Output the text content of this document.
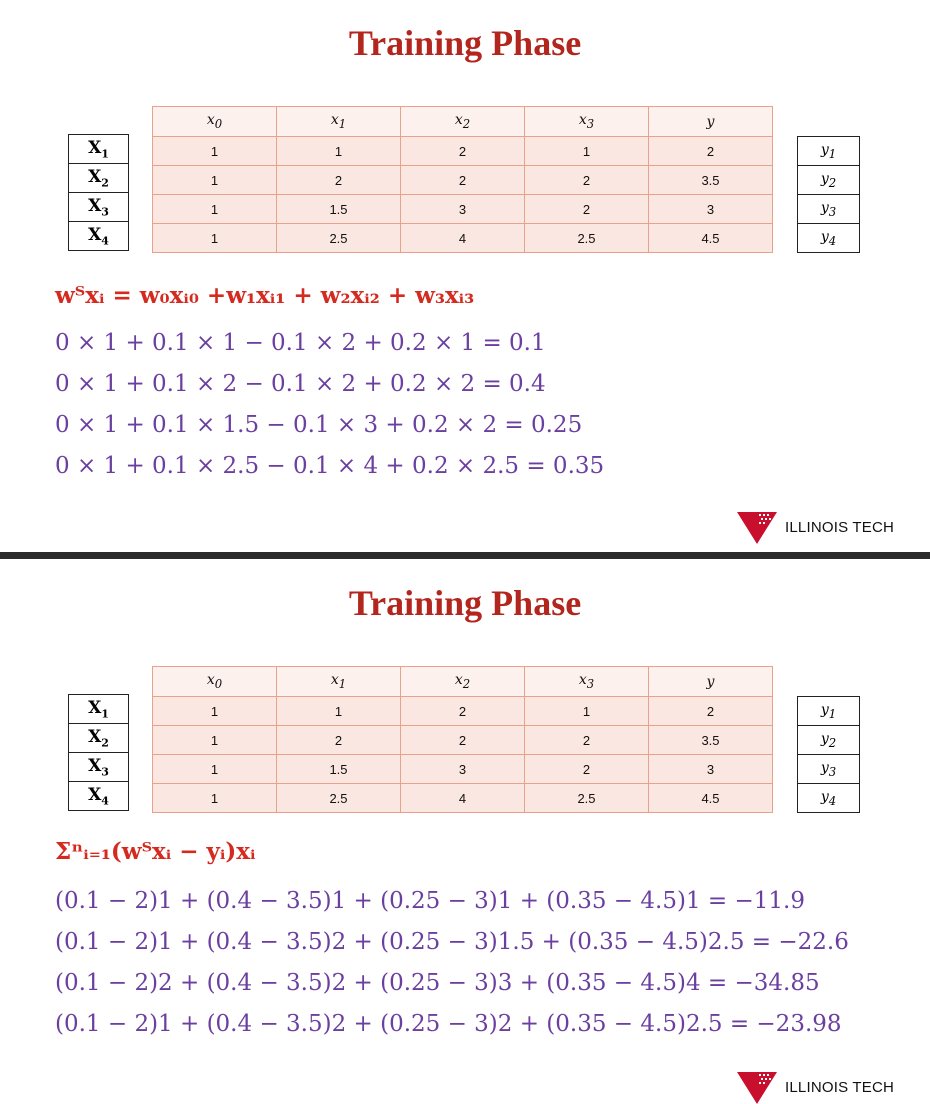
Training Phase
$X_1$
$X_2$
$X_3$
$X_4$
$x_0$	$x_1$	$x_2$	$x_3$	y
1	1	2	1	2
1	2	2	2	3.5
1	1.5	3	2	3
1	2.5	4	2.5	4.5
$y_1$
$y_2$
$y_3$
$y_4$

wᵀxᵢ = w₀xᵢ₀ +w₁xᵢ₁ + w₂xᵢ₂ + w₃xᵢ₃

0 × 1 + 0.1 × 1 − 0.1 × 2 + 0.2 × 1 = 0.1

0 × 1 + 0.1 × 2 − 0.1 × 2 + 0.2 × 2 = 0.4

0 × 1 + 0.1 × 1.5 − 0.1 × 3 + 0.2 × 2 = 0.25

0 × 1 + 0.1 × 2.5 − 0.1 × 4 + 0.2 × 2.5 = 0.35

ILLINOIS TECH
Training Phase
$X_1$
$X_2$
$X_3$
$X_4$
$x_0$	$x_1$	$x_2$	$x_3$	y
1	1	2	1	2
1	2	2	2	3.5
1	1.5	3	2	3
1	2.5	4	2.5	4.5
$y_1$
$y_2$
$y_3$
$y_4$

Σⁿᵢ₌₁(wᵀxᵢ − yᵢ)xᵢ

(0.1 − 2)1 + (0.4 − 3.5)1 + (0.25 − 3)1 + (0.35 − 4.5)1 = −11.9

(0.1 − 2)1 + (0.4 − 3.5)2 + (0.25 − 3)1.5 + (0.35 − 4.5)2.5 = −22.6

(0.1 − 2)2 + (0.4 − 3.5)2 + (0.25 − 3)3 + (0.35 − 4.5)4 = −34.85

(0.1 − 2)1 + (0.4 − 3.5)2 + (0.25 − 3)2 + (0.35 − 4.5)2.5 = −23.98

ILLINOIS TECH
